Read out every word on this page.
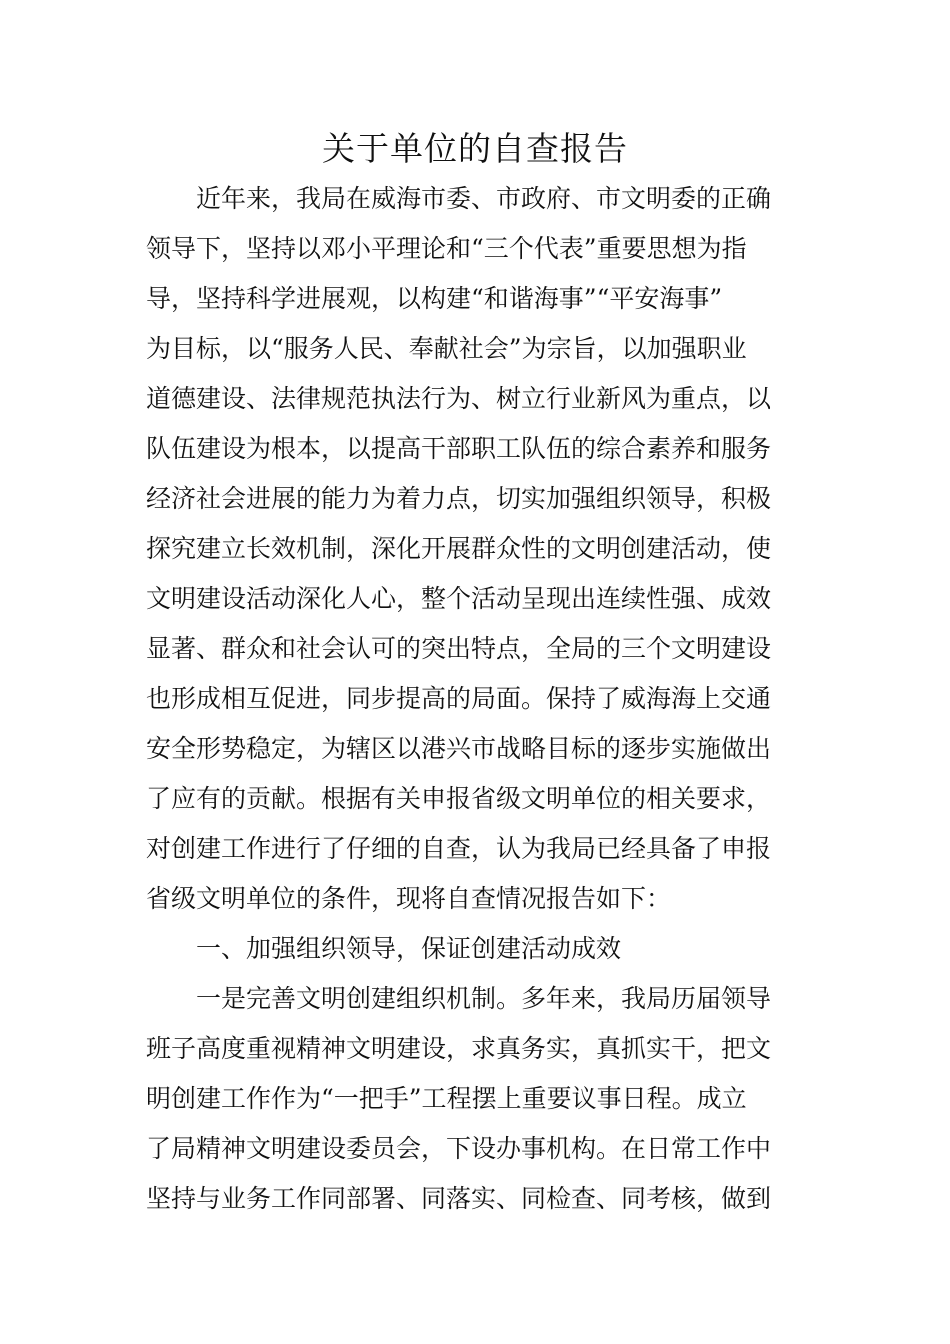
关于单位的自查报告
近年来，我局在威海市委、市政府、市文明委的正确
领导下，坚持以邓小平理论和“三个代表”重要思想为指
导，坚持科学进展观，以构建“和谐海事”“平安海事”
为目标，以“服务人民、奉献社会”为宗旨，以加强职业
道德建设、法律规范执法行为、树立行业新风为重点，以
队伍建设为根本，以提高干部职工队伍的综合素养和服务
经济社会进展的能力为着力点，切实加强组织领导，积极
探究建立长效机制，深化开展群众性的文明创建活动，使
文明建设活动深化人心，整个活动呈现出连续性强、成效
显著、群众和社会认可的突出特点，全局的三个文明建设
也形成相互促进，同步提高的局面。保持了威海海上交通
安全形势稳定，为辖区以港兴市战略目标的逐步实施做出
了应有的贡献。根据有关申报省级文明单位的相关要求，
对创建工作进行了仔细的自查，认为我局已经具备了申报
省级文明单位的条件，现将自查情况报告如下：
一、加强组织领导，保证创建活动成效
一是完善文明创建组织机制。多年来，我局历届领导
班子高度重视精神文明建设，求真务实，真抓实干，把文
明创建工作作为“一把手”工程摆上重要议事日程。成立
了局精神文明建设委员会，下设办事机构。在日常工作中
坚持与业务工作同部署、同落实、同检查、同考核，做到
